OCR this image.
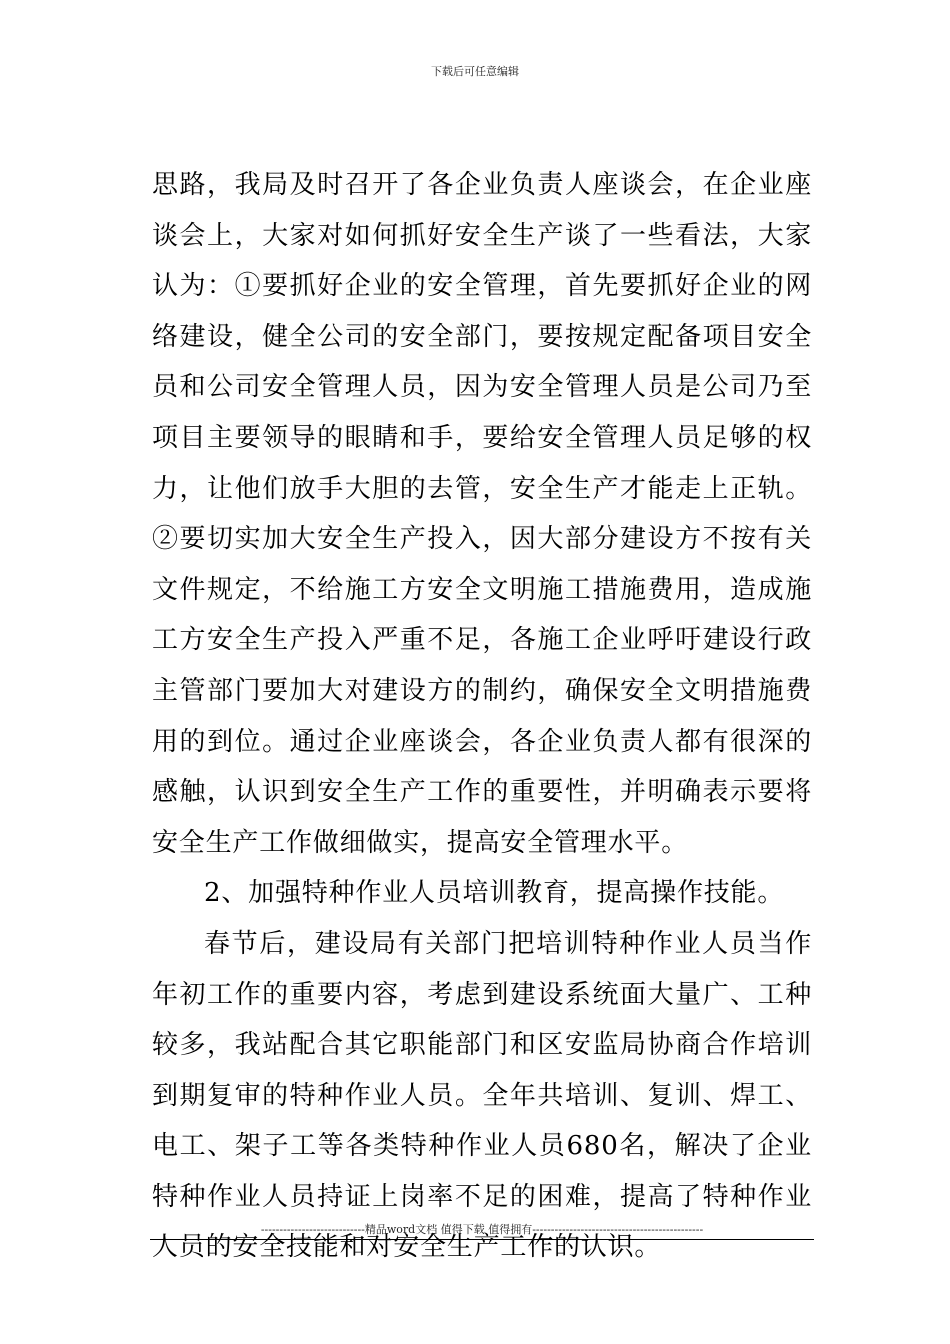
下载后可任意编辑

思路，我局及时召开了各企业负责人座谈会，在企业座谈会上，大家对如何抓好安全生产谈了一些看法，大家认为：①要抓好企业的安全管理，首先要抓好企业的网络建设，健全公司的安全部门，要按规定配备项目安全员和公司安全管理人员，因为安全管理人员是公司乃至项目主要领导的眼睛和手，要给安全管理人员足够的权力，让他们放手大胆的去管，安全生产才能走上正轨。②要切实加大安全生产投入，因大部分建设方不按有关文件规定，不给施工方安全文明施工措施费用，造成施工方安全生产投入严重不足，各施工企业呼吁建设行政主管部门要加大对建设方的制约，确保安全文明措施费用的到位。通过企业座谈会，各企业负责人都有很深的感触，认识到安全生产工作的重要性，并明确表示要将安全生产工作做细做实，提高安全管理水平。

2、加强特种作业人员培训教育，提高操作技能。

春节后，建设局有关部门把培训特种作业人员当作年初工作的重要内容，考虑到建设系统面大量广、工种较多，我站配合其它职能部门和区安监局协商合作培训到期复审的特种作业人员。全年共培训、复训、焊工、电工、架子工等各类特种作业人员680名，解决了企业特种作业人员持证上岗率不足的困难，提高了特种作业人员的安全技能和对安全生产工作的认识。

----------------------------精品word文档 值得下载 值得拥有----------------------------------------------
